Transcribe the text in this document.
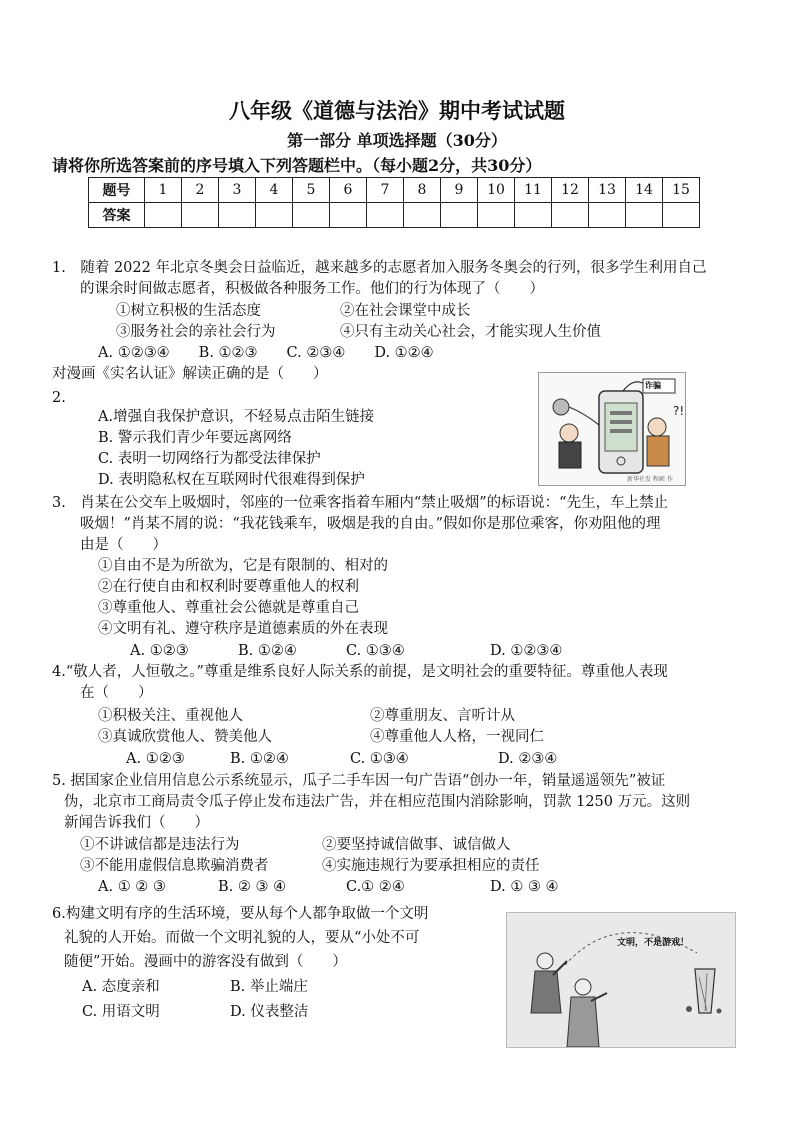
八年级《道德与法治》期中考试试题
第一部分 单项选择题（30分）
请将你所选答案前的序号填入下列答题栏中。（每小题2分，共30分）
题号	1	2	3	4	5	6	7	8	9	10	11	12	13	14	15
答案															
1.　随着 2022 年北京冬奥会日益临近，越来越多的志愿者加入服务冬奥会的行列，很多学生利用自己
的课余时间做志愿者，积极做各种服务工作。他们的行为体现了（　　）
①树立积极的生活态度	②在社会课堂中成长
③服务社会的亲社会行为	④只有主动关心社会，才能实现人生价值
A. ①②③④　　B. ①②③　　C. ②③④　　D. ①②④
对漫画《实名认证》解读正确的是（　　）
2.
A.增强自我保护意识，不轻易点击陌生链接
B. 警示我们青少年要远离网络
C. 表明一切网络行为都受法律保护
D. 表明隐私权在互联网时代很难得到保护
?!
诈骗
新华社发 程硕 作
3.　肖某在公交车上吸烟时，邻座的一位乘客指着车厢内“禁止吸烟”的标语说：“先生，车上禁止
吸烟！”肖某不屑的说：“我花钱乘车，吸烟是我的自由。”假如你是那位乘客，你劝阻他的理
由是（　　）
①自由不是为所欲为，它是有限制的、相对的
②在行使自由和权利时要尊重他人的权利
③尊重他人、尊重社会公德就是尊重自己
④文明有礼、遵守秩序是道德素质的外在表现
A. ①②③	B. ①②④	C. ①③④	D. ①②③④
4.“敬人者，人恒敬之。”尊重是维系良好人际关系的前提，是文明社会的重要特征。尊重他人表现
在（　　）
①积极关注、重视他人	②尊重朋友、言听计从
③真诚欣赏他人、赞美他人	④尊重他人人格，一视同仁
A. ①②③	B. ①②④	C. ①③④	D. ②③④
5. 据国家企业信用信息公示系统显示，瓜子二手车因一句广告语“创办一年，销量遥遥领先”被证
伪，北京市工商局责令瓜子停止发布违法广告，并在相应范围内消除影响，罚款 1250 万元。这则
新闻告诉我们（　　）
①不讲诚信都是违法行为	②要坚持诚信做事、诚信做人
③不能用虚假信息欺骗消费者	④实施违规行为要承担相应的责任
A. ① ② ③	B. ② ③ ④	C.① ②④	D. ① ③ ④
6.构建文明有序的生活环境，要从每个人都争取做一个文明
礼貌的人开始。而做一个文明礼貌的人，要从“小处不可
随便”开始。漫画中的游客没有做到（　　）
A. 态度亲和	B. 举止端庄
C. 用语文明	D. 仪表整洁
文明，不是游戏！
